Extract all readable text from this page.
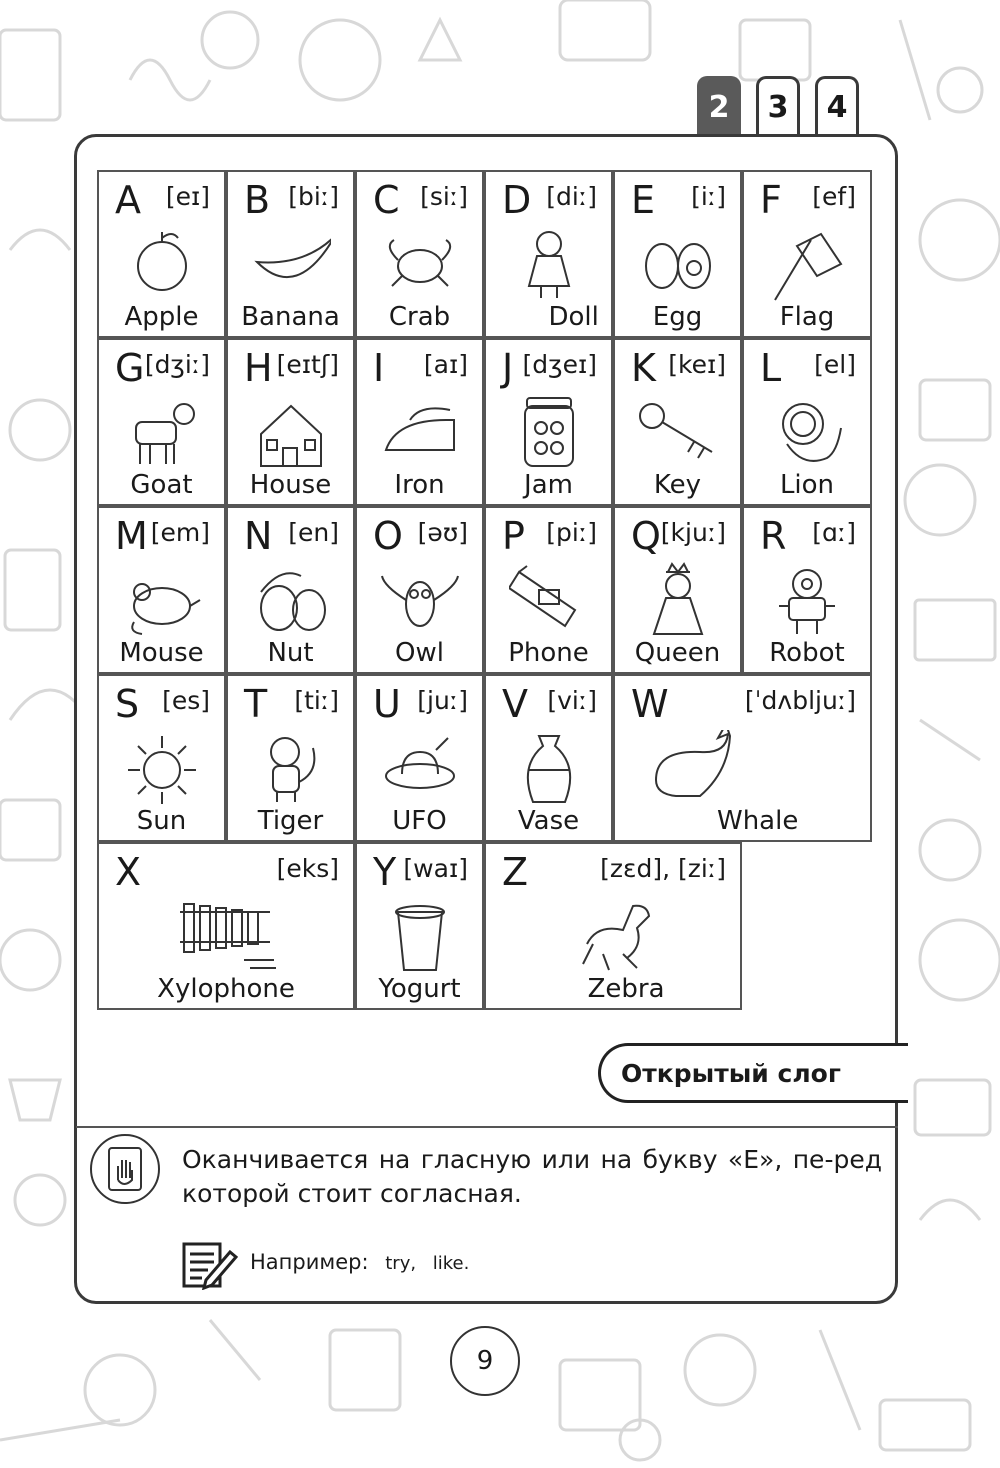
2	3	4
A [eɪ]
Apple
B [biː]
Banana
C [siː]
Crab
D [diː]
Doll
E [iː]
Egg
F [ef]
Flag
G [dʒiː]
Goat
H [eɪtʃ]
House
I [aɪ]
Iron
J [dʒeɪ]
Jam
K [keɪ]
Key
L [el]
Lion
M [em]
Mouse
N [en]
Nut
O [əʊ]
Owl
P [piː]
Phone
Q [kjuː]
Queen
R [ɑː]
Robot
S [es]
Sun
T [tiː]
Tiger
U [juː]
UFO
V [viː]
Vase
W	[ˈdʌbljuː]
Whale
X	[eks]
Xylophone
Y [waɪ]
Yogurt
Z	[zɛd], [ziː]
Zebra
Открытый слог
Оканчивается на гласную или на букву «E», пе-ред которой стоит согласная.
Например: try, like.
9
